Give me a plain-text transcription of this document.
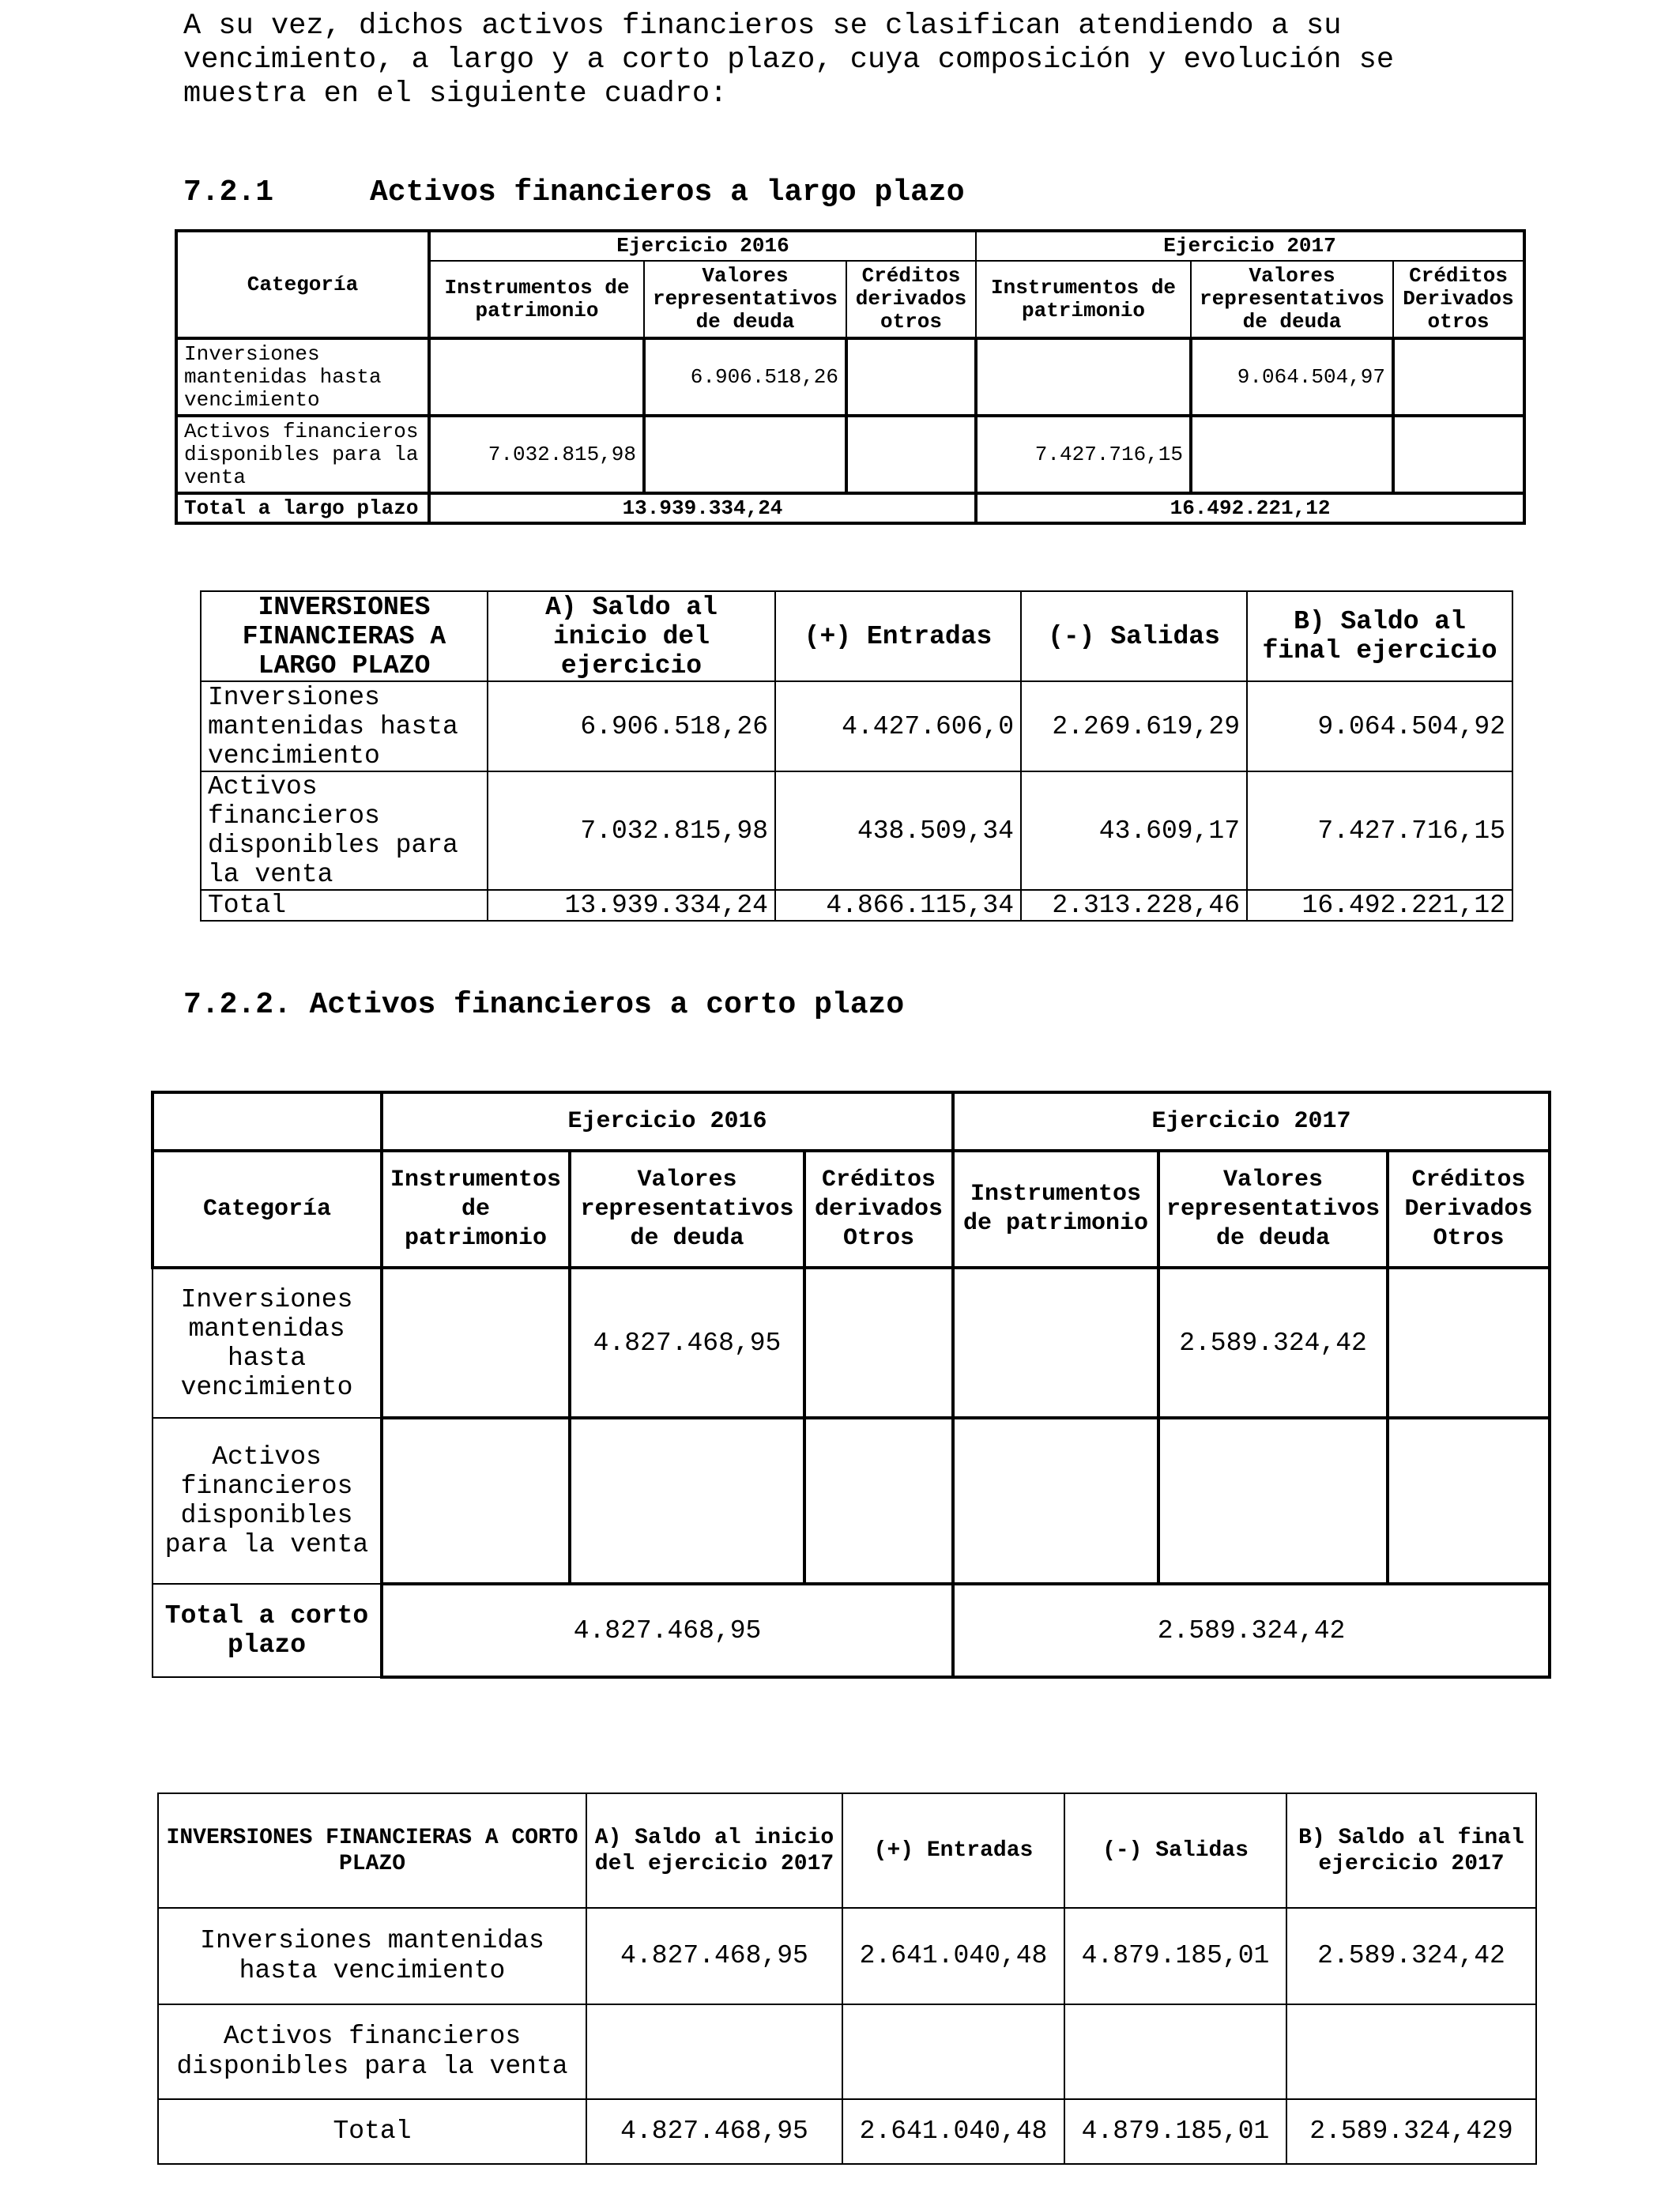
A su vez, dichos activos financieros se clasifican atendiendo a su
vencimiento, a largo y a corto plazo, cuya composición y evolución se
muestra en el siguiente cuadro:
7.2.1	Activos financieros a largo plazo
Categoría	Ejercicio 2016			Ejercicio 2017		
	Instrumentos de patrimonio	Valores representativos de deuda	Créditos derivados otros	Instrumentos de patrimonio	Valores representativos de deuda	Créditos Derivados otros
Inversiones mantenidas hasta vencimiento		6.906.518,26			9.064.504,97	
Activos financieros disponibles para la venta	7.032.815,98			7.427.716,15		
Total a largo plazo	13.939.334,24			16.492.221,12		
INVERSIONES FINANCIERAS A LARGO PLAZO	A) Saldo al inicio del ejercicio	(+) Entradas	(-) Salidas	B) Saldo al final ejercicio
Inversiones mantenidas hasta vencimiento	6.906.518,26	4.427.606,0	2.269.619,29	9.064.504,92
Activos financieros disponibles para la venta	7.032.815,98	438.509,34	43.609,17	7.427.716,15
Total	13.939.334,24	4.866.115,34	2.313.228,46	16.492.221,12
7.2.2. Activos financieros a corto plazo
	Ejercicio 2016			Ejercicio 2017		
Categoría	Instrumentos de patrimonio	Valores representativos de deuda	Créditos derivados Otros	Instrumentos de patrimonio	Valores representativos de deuda	Créditos Derivados Otros
Inversiones mantenidas hasta vencimiento		4.827.468,95			2.589.324,42	
Activos financieros disponibles para la venta						
Total a corto plazo	4.827.468,95			2.589.324,42		
INVERSIONES FINANCIERAS A CORTO PLAZO	A) Saldo al inicio del ejercicio 2017	(+) Entradas	(-) Salidas	B) Saldo al final ejercicio 2017
Inversiones mantenidas hasta vencimiento	4.827.468,95	2.641.040,48	4.879.185,01	2.589.324,42
Activos financieros disponibles para la venta				
Total	4.827.468,95	2.641.040,48	4.879.185,01	2.589.324,429
